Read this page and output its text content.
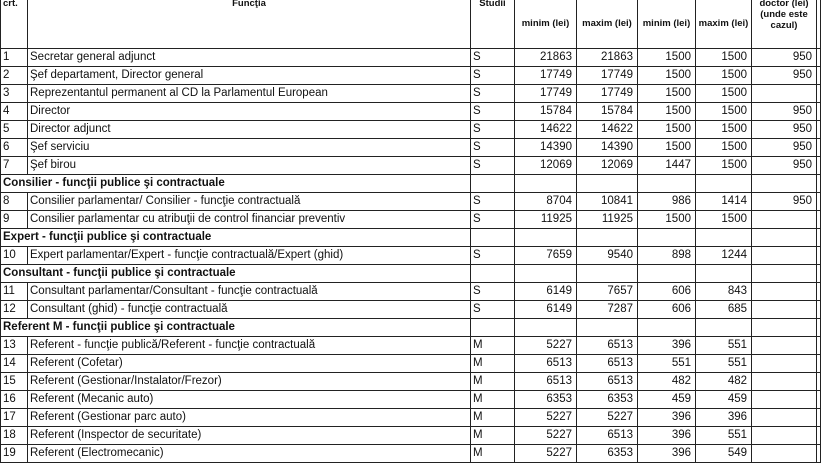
crt.	Funcţia	Studii	minim (lei)	maxim (lei)	minim (lei)	maxim (lei)	doctor (lei) (unde este cazul)	
1	Secretar general adjunct	S	21863	21863	1500	1500	950	
2	Şef departament, Director general	S	17749	17749	1500	1500	950	
3	Reprezentantul permanent al CD la Parlamentul European	S	17749	17749	1500	1500		
4	Director	S	15784	15784	1500	1500	950	
5	Director adjunct	S	14622	14622	1500	1500	950	
6	Şef serviciu	S	14390	14390	1500	1500	950	
7	Şef birou	S	12069	12069	1447	1500	950	
Consilier - funcţii publice şi contractuale								
8	Consilier parlamentar/ Consilier - funcţie contractuală	S	8704	10841	986	1414	950	
9	Consilier parlamentar cu atribuţii de control financiar preventiv	S	11925	11925	1500	1500		
Expert - funcţii publice şi contractuale								
10	Expert parlamentar/Expert - funcţie contractuală/Expert (ghid)	S	7659	9540	898	1244		
Consultant - funcţii publice şi contractuale								
11	Consultant parlamentar/Consultant - funcţie contractuală	S	6149	7657	606	843		
12	Consultant (ghid) - funcţie contractuală	S	6149	7287	606	685		
Referent M - funcţii publice şi contractuale								
13	Referent - funcţie publică/Referent - funcţie contractuală	M	5227	6513	396	551		
14	Referent (Cofetar)	M	6513	6513	551	551		
15	Referent (Gestionar/Instalator/Frezor)	M	6513	6513	482	482		
16	Referent (Mecanic auto)	M	6353	6353	459	459		
17	Referent (Gestionar parc auto)	M	5227	5227	396	396		
18	Referent (Inspector de securitate)	M	5227	6513	396	551		
19	Referent (Electromecanic)	M	5227	6353	396	549		
